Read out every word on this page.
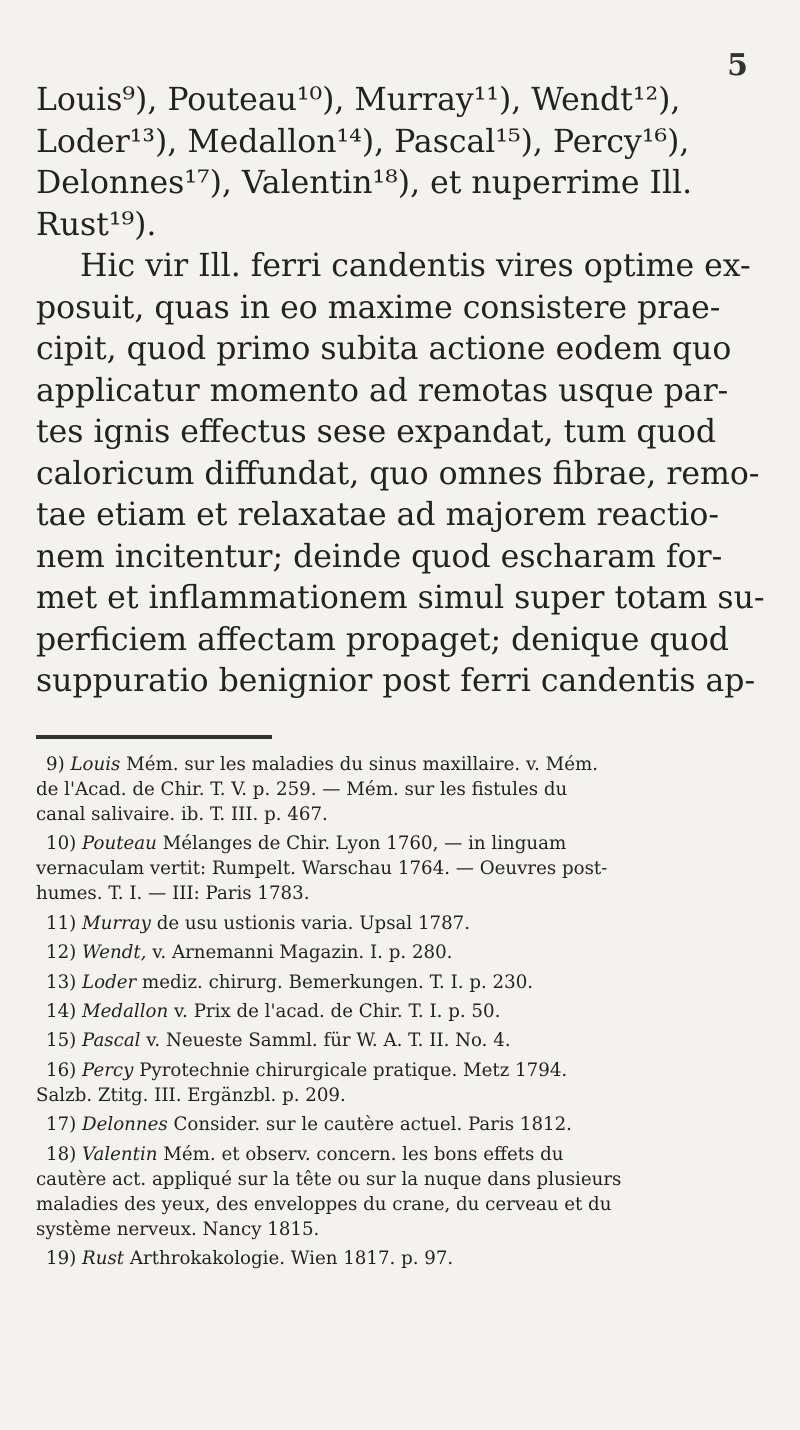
5
Louis⁹), Pouteau¹⁰), Murray¹¹), Wendt¹²),
Loder¹³), Medallon¹⁴), Pascal¹⁵), Percy¹⁶),
Delonnes¹⁷), Valentin¹⁸), et nuperrime Ill.
Rust¹⁹).
Hic vir Ill. ferri candentis vires optime ex-
posuit, quas in eo maxime consistere prae-
cipit, quod primo subita actione eodem quo
applicatur momento ad remotas usque par-
tes ignis effectus sese expandat, tum quod
caloricum diffundat, quo omnes fibrae, remo-
tae etiam et relaxatae ad majorem reactio-
nem incitentur; deinde quod escharam for-
met et inflammationem simul super totam su-
perficiem affectam propaget; denique quod
suppuratio benignior post ferri candentis ap-
9) Louis Mém. sur les maladies du sinus maxillaire. v. Mém.
de l'Acad. de Chir. T. V. p. 259. — Mém. sur les fistules du
canal salivaire. ib. T. III. p. 467.
10) Pouteau Mélanges de Chir. Lyon 1760, — in linguam
vernaculam vertit: Rumpelt. Warschau 1764. — Oeuvres post-
humes. T. I. — III: Paris 1783.
11) Murray de usu ustionis varia. Upsal 1787.
12) Wendt, v. Arnemanni Magazin. I. p. 280.
13) Loder mediz. chirurg. Bemerkungen. T. I. p. 230.
14) Medallon v. Prix de l'acad. de Chir. T. I. p. 50.
15) Pascal v. Neueste Samml. für W. A. T. II. No. 4.
16) Percy Pyrotechnie chirurgicale pratique. Metz 1794.
Salzb. Ztitg. III. Ergänzbl. p. 209.
17) Delonnes Consider. sur le cautère actuel. Paris 1812.
18) Valentin Mém. et observ. concern. les bons effets du
cautère act. appliqué sur la tête ou sur la nuque dans plusieurs
maladies des yeux, des enveloppes du crane, du cerveau et du
système nerveux. Nancy 1815.
19) Rust Arthrokakologie. Wien 1817. p. 97.
